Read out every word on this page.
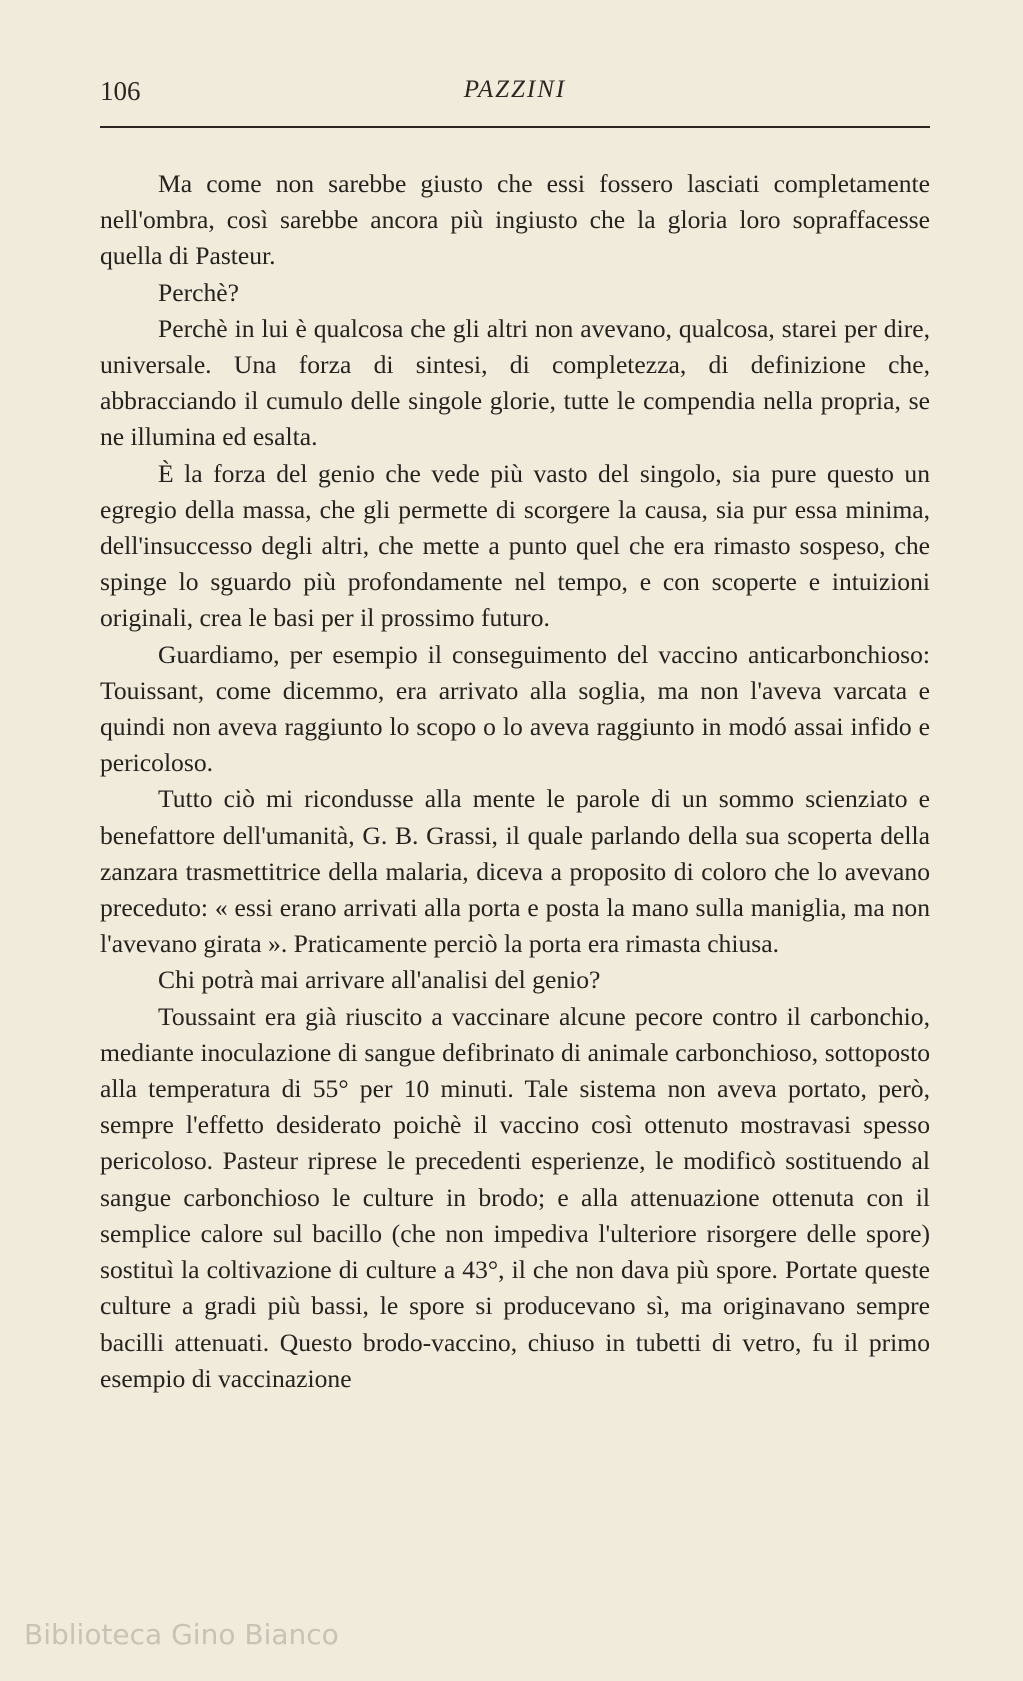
106	PAZZINI

Ma come non sarebbe giusto che essi fossero lasciati completamente nell'ombra, così sarebbe ancora più ingiusto che la gloria loro sopraffacesse quella di Pasteur.

Perchè?

Perchè in lui è qualcosa che gli altri non avevano, qualcosa, starei per dire, universale. Una forza di sintesi, di completezza, di definizione che, abbracciando il cumulo delle singole glorie, tutte le compendia nella propria, se ne illumina ed esalta.

È la forza del genio che vede più vasto del singolo, sia pure questo un egregio della massa, che gli permette di scorgere la causa, sia pur essa minima, dell'insuccesso degli altri, che mette a punto quel che era rimasto sospeso, che spinge lo sguardo più profondamente nel tempo, e con scoperte e intuizioni originali, crea le basi per il prossimo futuro.

Guardiamo, per esempio il conseguimento del vaccino anticarbonchioso: Touissant, come dicemmo, era arrivato alla soglia, ma non l'aveva varcata e quindi non aveva raggiunto lo scopo o lo aveva raggiunto in modó assai infido e pericoloso.

Tutto ciò mi ricondusse alla mente le parole di un sommo scienziato e benefattore dell'umanità, G. B. Grassi, il quale parlando della sua scoperta della zanzara trasmettitrice della malaria, diceva a proposito di coloro che lo avevano preceduto: « essi erano arrivati alla porta e posta la mano sulla maniglia, ma non l'avevano girata ». Praticamente perciò la porta era rimasta chiusa.

Chi potrà mai arrivare all'analisi del genio?

Toussaint era già riuscito a vaccinare alcune pecore contro il carbonchio, mediante inoculazione di sangue defibrinato di animale carbonchioso, sottoposto alla temperatura di 55° per 10 minuti. Tale sistema non aveva portato, però, sempre l'effetto desiderato poichè il vaccino così ottenuto mostravasi spesso pericoloso. Pasteur riprese le precedenti esperienze, le modificò sostituendo al sangue carbonchioso le culture in brodo; e alla attenuazione ottenuta con il semplice calore sul bacillo (che non impediva l'ulteriore risorgere delle spore) sostituì la coltivazione di culture a 43°, il che non dava più spore. Portate queste culture a gradi più bassi, le spore si producevano sì, ma originavano sempre bacilli attenuati. Questo brodo-vaccino, chiuso in tubetti di vetro, fu il primo esempio di vaccinazione

Biblioteca Gino Bianco
